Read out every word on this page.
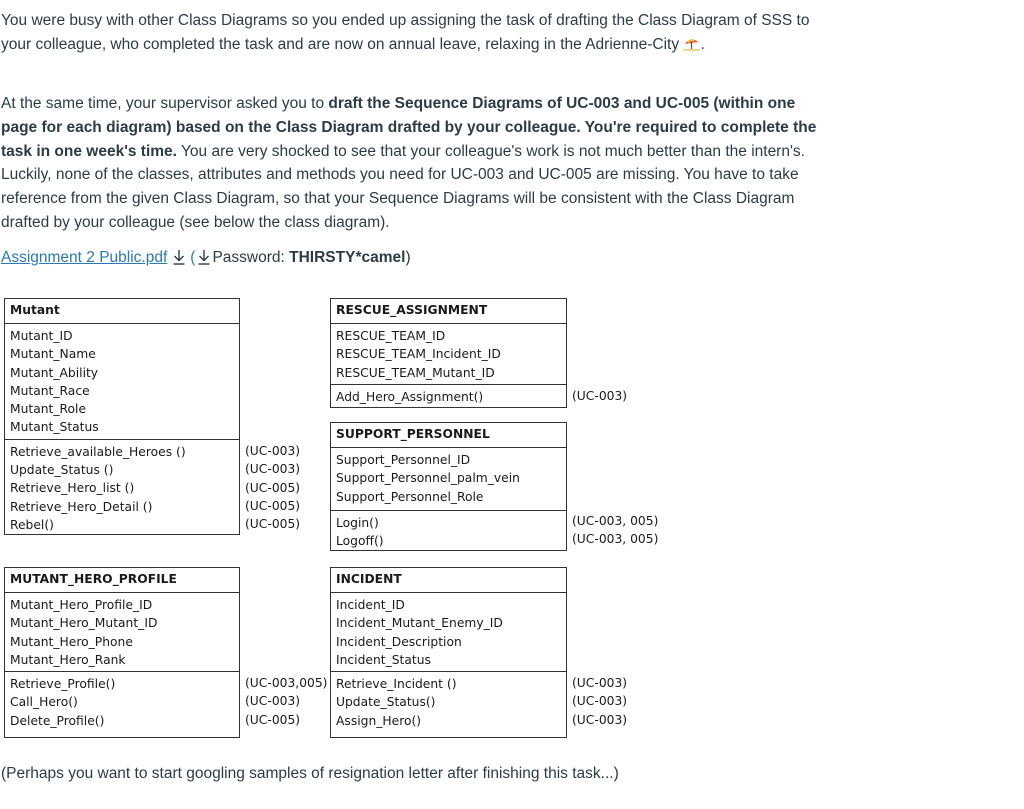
You were busy with other Class Diagrams so you ended up assigning the task of drafting the Class Diagram of SSS to your colleague, who completed the task and are now on annual leave, relaxing in the Adrienne-City .

At the same time, your supervisor asked you to draft the Sequence Diagrams of UC-003 and UC-005 (within one page for each diagram) based on the Class Diagram drafted by your colleague. You're required to complete the task in one week's time. You are very shocked to see that your colleague's work is not much better than the intern's. Luckily, none of the classes, attributes and methods you need for UC-003 and UC-005 are missing. You have to take reference from the given Class Diagram, so that your Sequence Diagrams will be consistent with the Class Diagram drafted by your colleague (see below the class diagram).

Assignment 2 Public.pdf ( Password: THIRSTY*camel)

Mutant
Mutant_ID
Mutant_Name
Mutant_Ability
Mutant_Race
Mutant_Role
Mutant_Status
Retrieve_available_Heroes ()
Update_Status ()
Retrieve_Hero_list ()
Retrieve_Hero_Detail ()
Rebel()
(UC-003)
(UC-003)
(UC-005)
(UC-005)
(UC-005)
RESCUE_ASSIGNMENT
RESCUE_TEAM_ID
RESCUE_TEAM_Incident_ID
RESCUE_TEAM_Mutant_ID
Add_Hero_Assignment()	(UC-003)
SUPPORT_PERSONNEL
Support_Personnel_ID
Support_Personnel_palm_vein
Support_Personnel_Role
Login()
Logoff()
(UC-003, 005)
(UC-003, 005)
MUTANT_HERO_PROFILE
Mutant_Hero_Profile_ID
Mutant_Hero_Mutant_ID
Mutant_Hero_Phone
Mutant_Hero_Rank
Retrieve_Profile()
Call_Hero()
Delete_Profile()
(UC-003,005)
(UC-003)
(UC-005)
INCIDENT
Incident_ID
Incident_Mutant_Enemy_ID
Incident_Description
Incident_Status
Retrieve_Incident ()
Update_Status()
Assign_Hero()
(UC-003)
(UC-003)
(UC-003)

(Perhaps you want to start googling samples of resignation letter after finishing this task...)
